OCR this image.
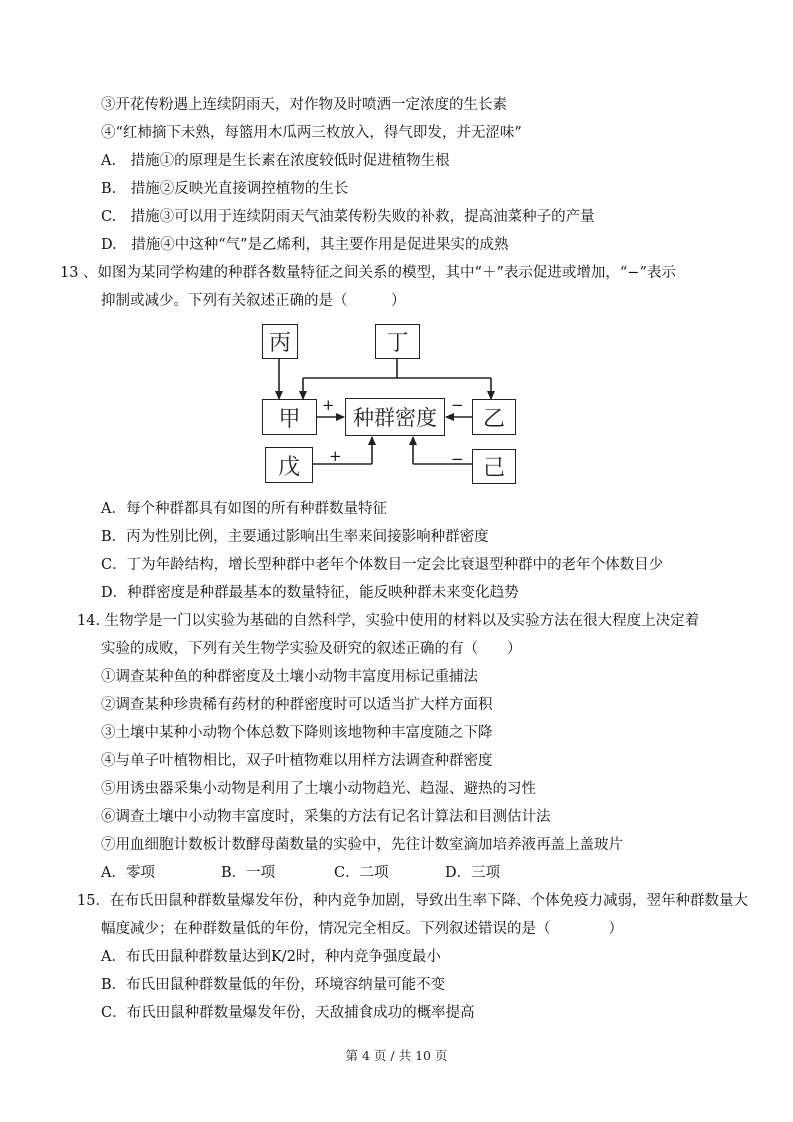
③开花传粉遇上连续阴雨天，对作物及时喷洒一定浓度的生长素
④“红柿摘下未熟，每篮用木瓜两三枚放入，得气即发，并无涩味”
A.　措施①的原理是生长素在浓度较低时促进植物生根
B.　措施②反映光直接调控植物的生长
C.　措施③可以用于连续阴雨天气油菜传粉失败的补救，提高油菜种子的产量
D.　措施④中这种“气”是乙烯利，其主要作用是促进果实的成熟
13 、如图为某同学构建的种群各数量特征之间关系的模型，其中“＋”表示促进或增加，“−”表示
抑制或减少。下列有关叙述正确的是（　　　）
丙	丁
甲	种群密度	乙
戊	己
+	−
+	−
A．每个种群都具有如图的所有种群数量特征
B．丙为性别比例，主要通过影响出生率来间接影响种群密度
C．丁为年龄结构，增长型种群中老年个体数目一定会比衰退型种群中的老年个体数目少
D．种群密度是种群最基本的数量特征，能反映种群未来变化趋势
14. 生物学是一门以实验为基础的自然科学，实验中使用的材料以及实验方法在很大程度上决定着
实验的成败，下列有关生物学实验及研究的叙述正确的有（　　）
①调查某种鱼的种群密度及土壤小动物丰富度用标记重捕法
②调查某种珍贵稀有药材的种群密度时可以适当扩大样方面积
③土壤中某种小动物个体总数下降则该地物种丰富度随之下降
④与单子叶植物相比，双子叶植物难以用样方法调查种群密度
⑤用诱虫器采集小动物是利用了土壤小动物趋光、趋湿、避热的习性
⑥调查土壤中小动物丰富度时，采集的方法有记名计算法和目测估计法
⑦用血细胞计数板计数酵母菌数量的实验中，先往计数室滴加培养液再盖上盖玻片
A．零项	B．一项	C．二项	D．三项
15．在布氏田鼠种群数量爆发年份，种内竞争加剧，导致出生率下降、个体免疫力减弱，翌年种群数量大
幅度减少；在种群数量低的年份，情况完全相反。下列叙述错误的是（　　　　）
A．布氏田鼠种群数量达到K/2时，种内竞争强度最小
B．布氏田鼠种群数量低的年份，环境容纳量可能不变
C．布氏田鼠种群数量爆发年份，天敌捕食成功的概率提高
第 4 页 / 共 10 页
